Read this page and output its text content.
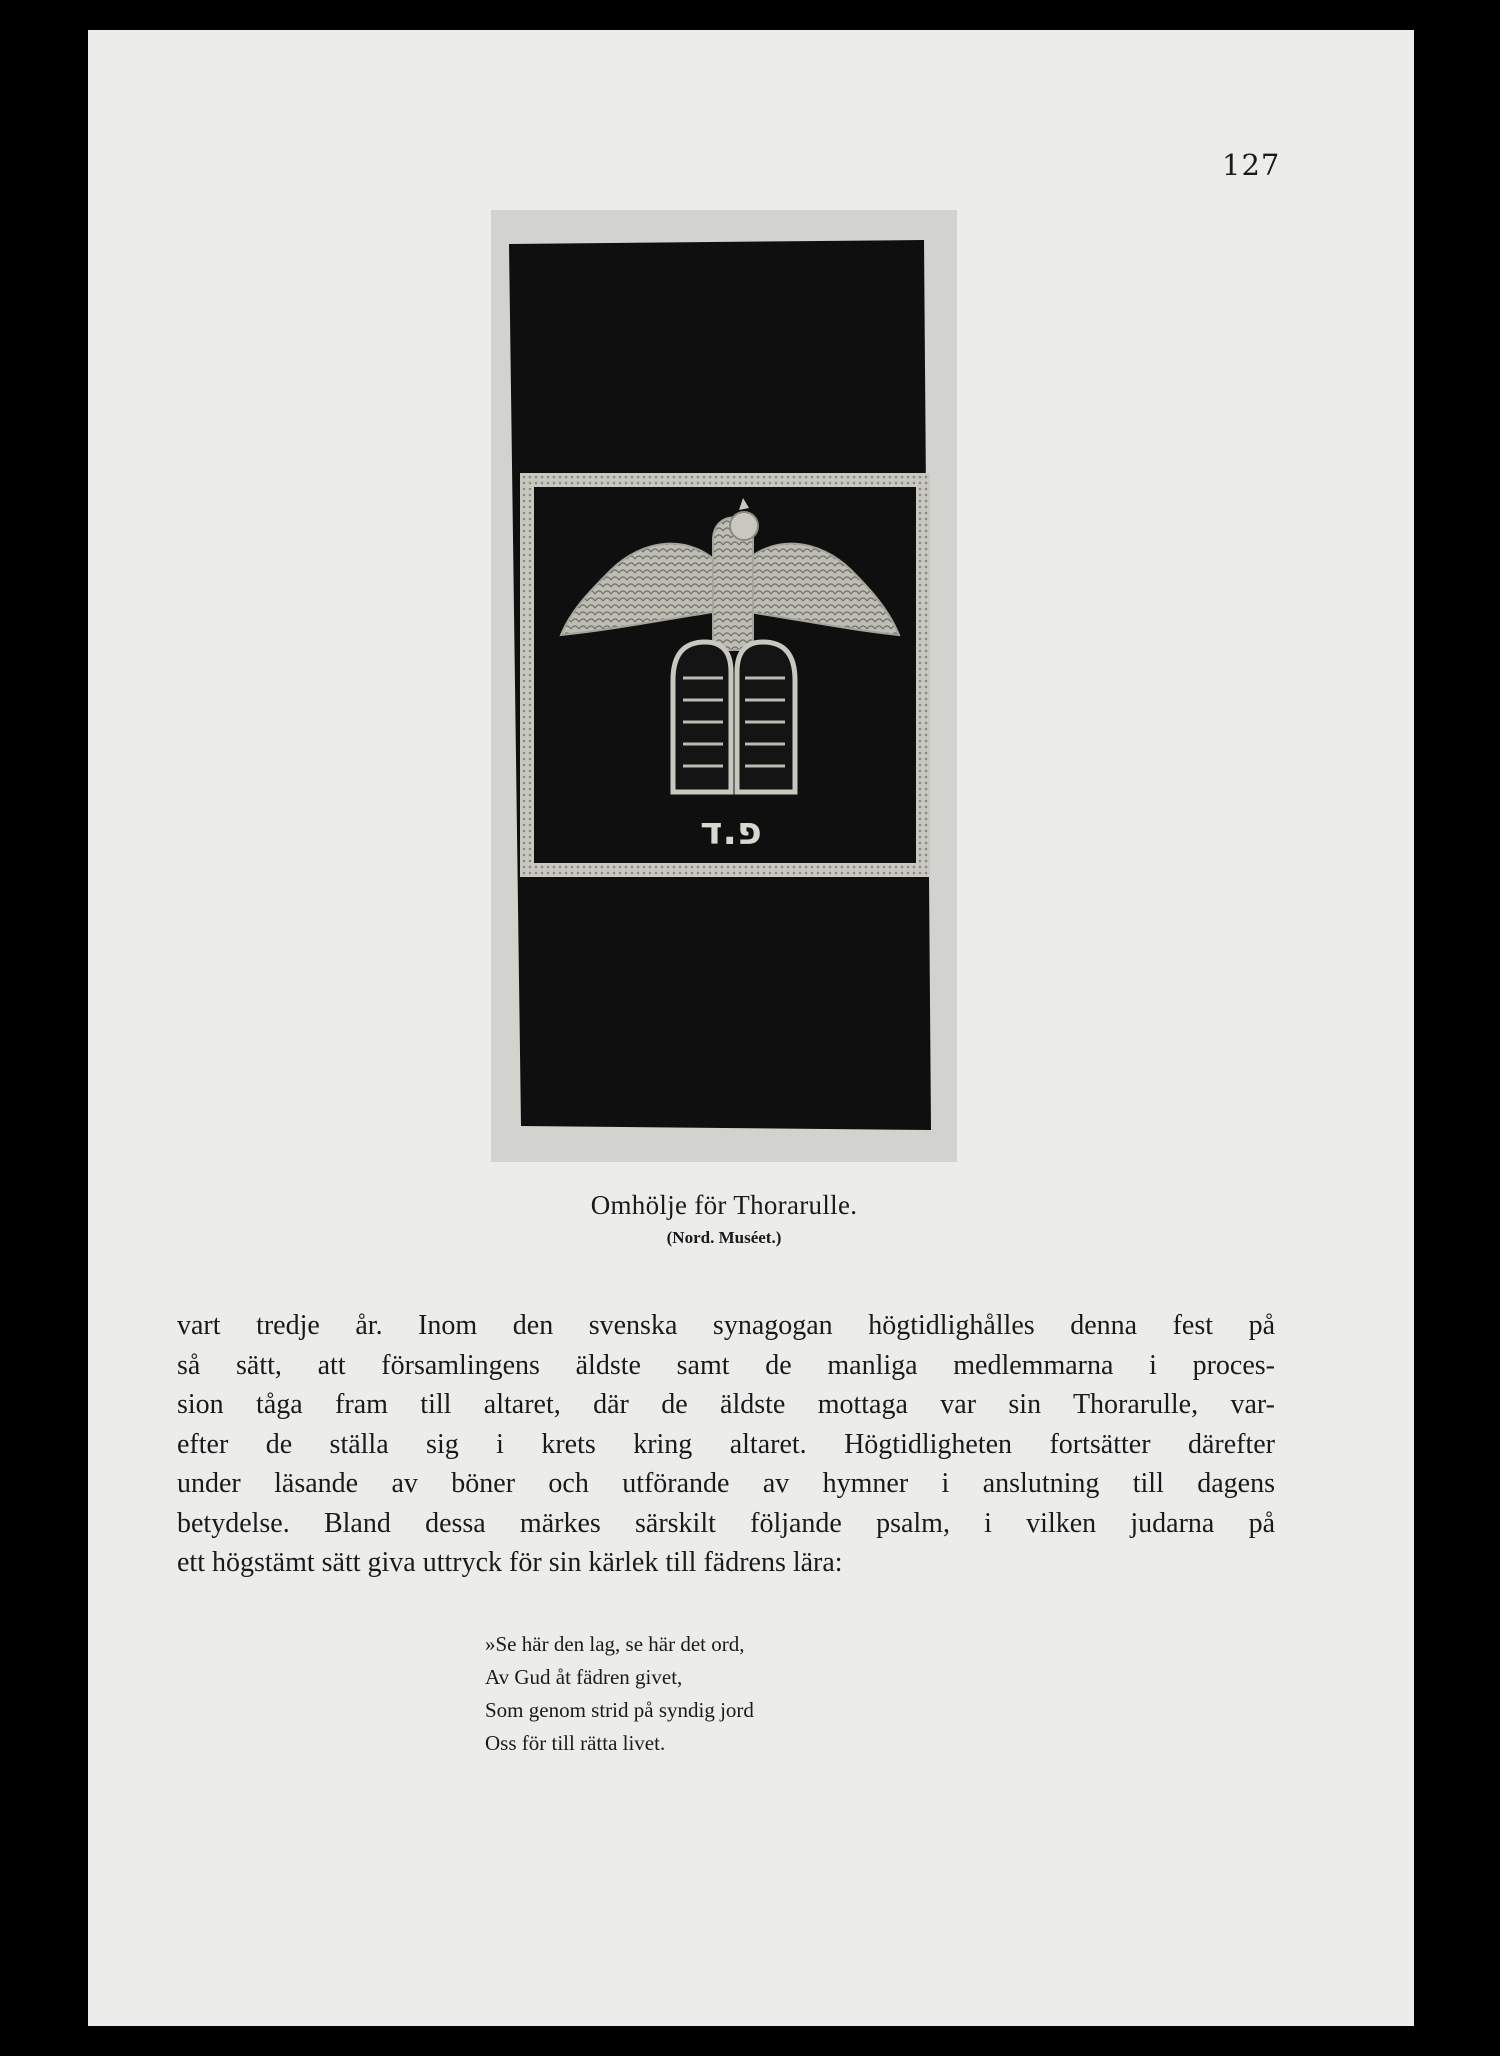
127
פ.ד
Omhölje för Thorarulle.
(Nord. Muséet.)

vart tredje år. Inom den svenska synagogan högtidlighålles denna fest på
så sätt, att församlingens äldste samt de manliga medlemmarna i proces-
sion tåga fram till altaret, där de äldste mottaga var sin Thorarulle, var-
efter de ställa sig i krets kring altaret. Högtidligheten fortsätter därefter
under läsande av böner och utförande av hymner i anslutning till dagens
betydelse. Bland dessa märkes särskilt följande psalm, i vilken judarna på
ett högstämt sätt giva uttryck för sin kärlek till fädrens lära:

»Se här den lag, se här det ord,
Av Gud åt fädren givet,
Som genom strid på syndig jord
Oss för till rätta livet.
